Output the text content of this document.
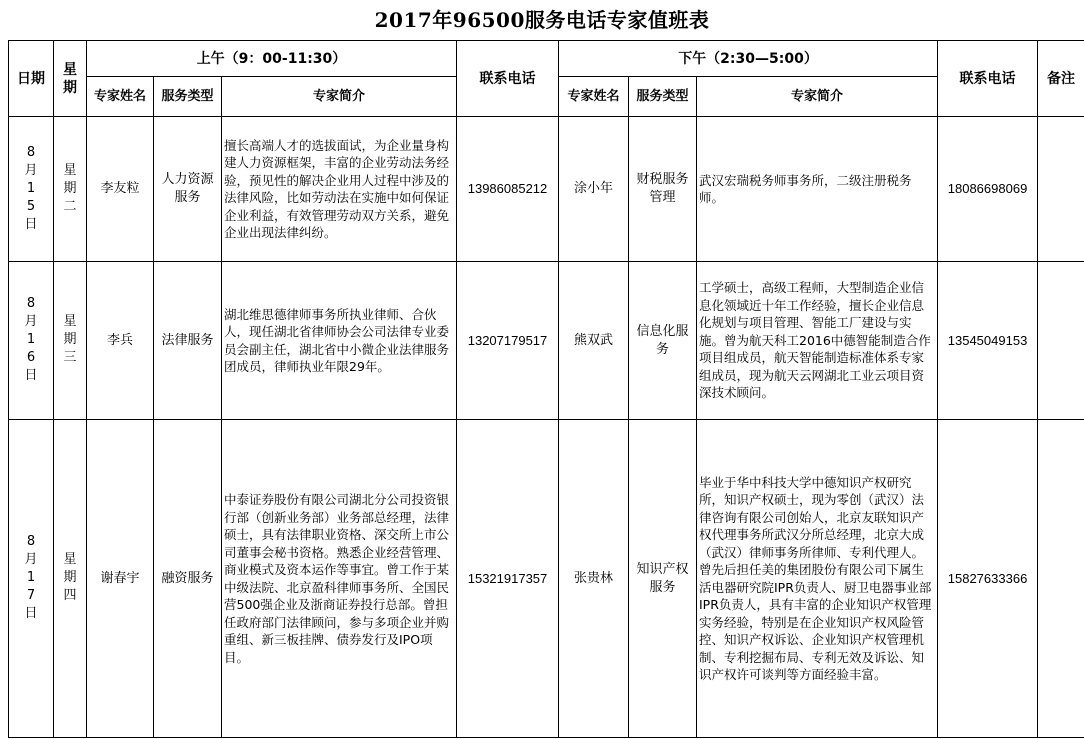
2017年96500服务电话专家值班表
日期	星期	上午（9：00-11:30）			联系电话	下午（2:30—5:00）			联系电话	备注
		专家姓名	服务类型	专家简介		专家姓名	服务类型	专家简介		
8月15日	星期二	李友粒	人力资源服务	擅长高端人才的选拔面试，为企业量身构建人力资源框架，丰富的企业劳动法务经验，预见性的解决企业用人过程中涉及的法律风险，比如劳动法在实施中如何保证企业利益，有效管理劳动双方关系，避免企业出现法律纠纷。	13986085212	涂小年	财税服务管理	武汉宏瑞税务师事务所，二级注册税务师。	18086698069	
8月16日	星期三	李兵	法律服务	湖北维思德律师事务所执业律师、合伙人，现任湖北省律师协会公司法律专业委员会副主任，湖北省中小微企业法律服务团成员，律师执业年限29年。	13207179517	熊双武	信息化服务	工学硕士，高级工程师，大型制造企业信息化领域近十年工作经验，擅长企业信息化规划与项目管理、智能工厂建设与实施。曾为航天科工2016中德智能制造合作项目组成员，航天智能制造标准体系专家组成员，现为航天云网湖北工业云项目资深技术顾问。	13545049153	
8月17日	星期四	谢春宇	融资服务	中泰证券股份有限公司湖北分公司投资银行部（创新业务部）业务部总经理，法律硕士，具有法律职业资格、深交所上市公司董事会秘书资格。熟悉企业经营管理、商业模式及资本运作等事宜。曾工作于某中级法院、北京盈科律师事务所、全国民营500强企业及浙商证券投行总部。曾担任政府部门法律顾问，参与多项企业并购重组、新三板挂牌、债券发行及IPO项目。	15321917357	张贵林	知识产权服务	毕业于华中科技大学中德知识产权研究所，知识产权硕士，现为零创（武汉）法律咨询有限公司创始人，北京友联知识产权代理事务所武汉分所总经理，北京大成（武汉）律师事务所律师、专利代理人。 曾先后担任美的集团股份有限公司下属生活电器研究院IPR负责人、厨卫电器事业部IPR负责人，具有丰富的企业知识产权管理实务经验，特别是在企业知识产权风险管控、知识产权诉讼、企业知识产权管理机制、专利挖掘布局、专利无效及诉讼、知识产权许可谈判等方面经验丰富。	15827633366	
